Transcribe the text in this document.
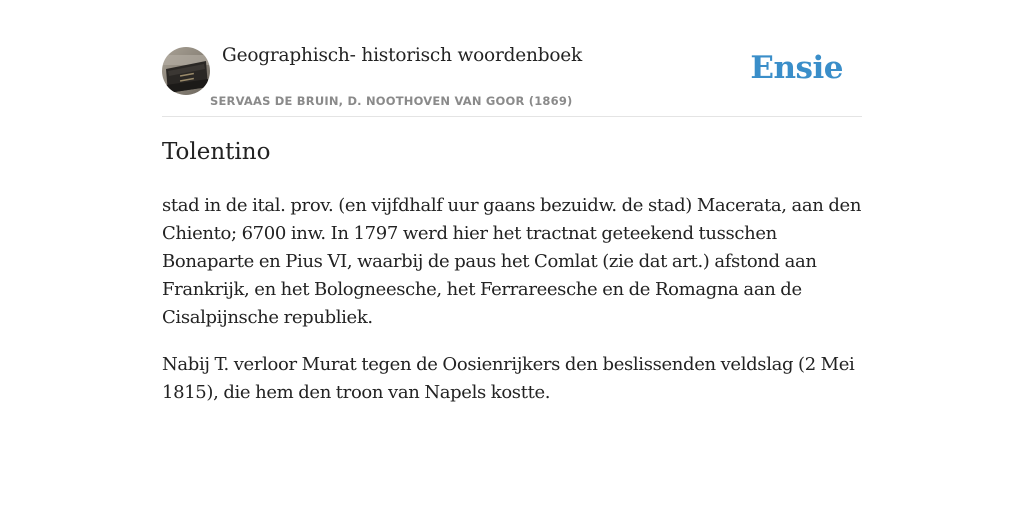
Geographisch- historisch woordenboek
SERVAAS DE BRUIN, D. NOOTHOVEN VAN GOOR (1869)
Ensie
Tolentino

stad in de ital. prov. (en vijfdhalf uur gaans bezuidw. de stad) Macerata, aan den Chiento; 6700 inw. In 1797 werd hier het tractnat geteekend tusschen Bonaparte en Pius VI, waarbij de paus het Comlat (zie dat art.) afstond aan Frankrijk, en het Bologneesche, het Ferrareesche en de Romagna aan de Cisalpijnsche republiek.

Nabij T. verloor Murat tegen de Oosienrijkers den beslissenden veldslag (2 Mei 1815), die hem den troon van Napels kostte.
